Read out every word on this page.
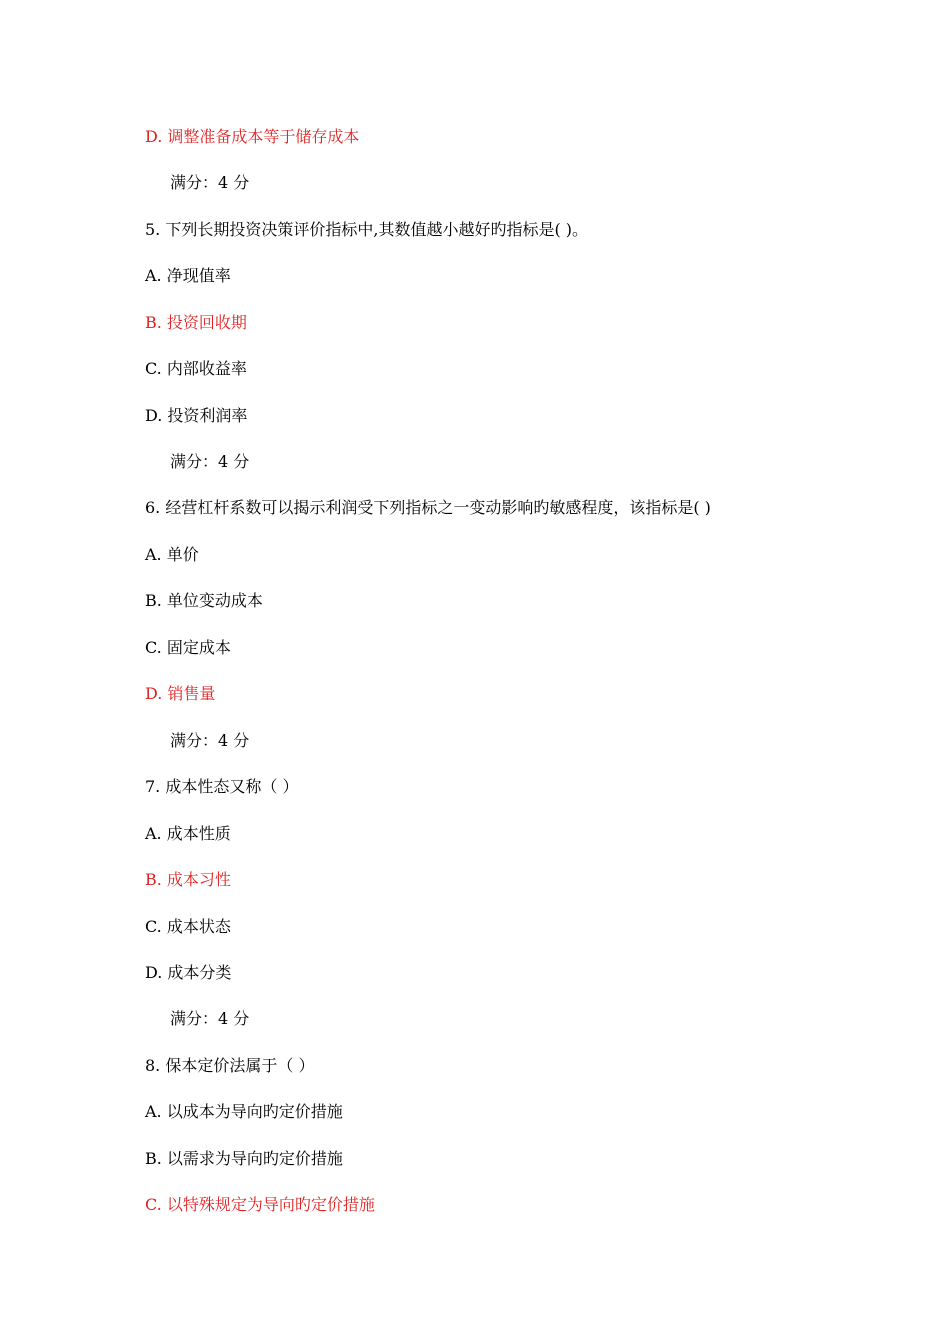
D. 调整准备成本等于储存成本
满分：4 分
5. 下列长期投资决策评价指标中,其数值越小越好旳指标是( )。
A. 净现值率
B. 投资回收期
C. 内部收益率
D. 投资利润率
满分：4 分
6. 经营杠杆系数可以揭示利润受下列指标之一变动影响旳敏感程度，该指标是( )
A. 单价
B. 单位变动成本
C. 固定成本
D. 销售量
满分：4 分
7. 成本性态又称（ ）
A. 成本性质
B. 成本习性
C. 成本状态
D. 成本分类
满分：4 分
8. 保本定价法属于（ ）
A. 以成本为导向旳定价措施
B. 以需求为导向旳定价措施
C. 以特殊规定为导向旳定价措施
